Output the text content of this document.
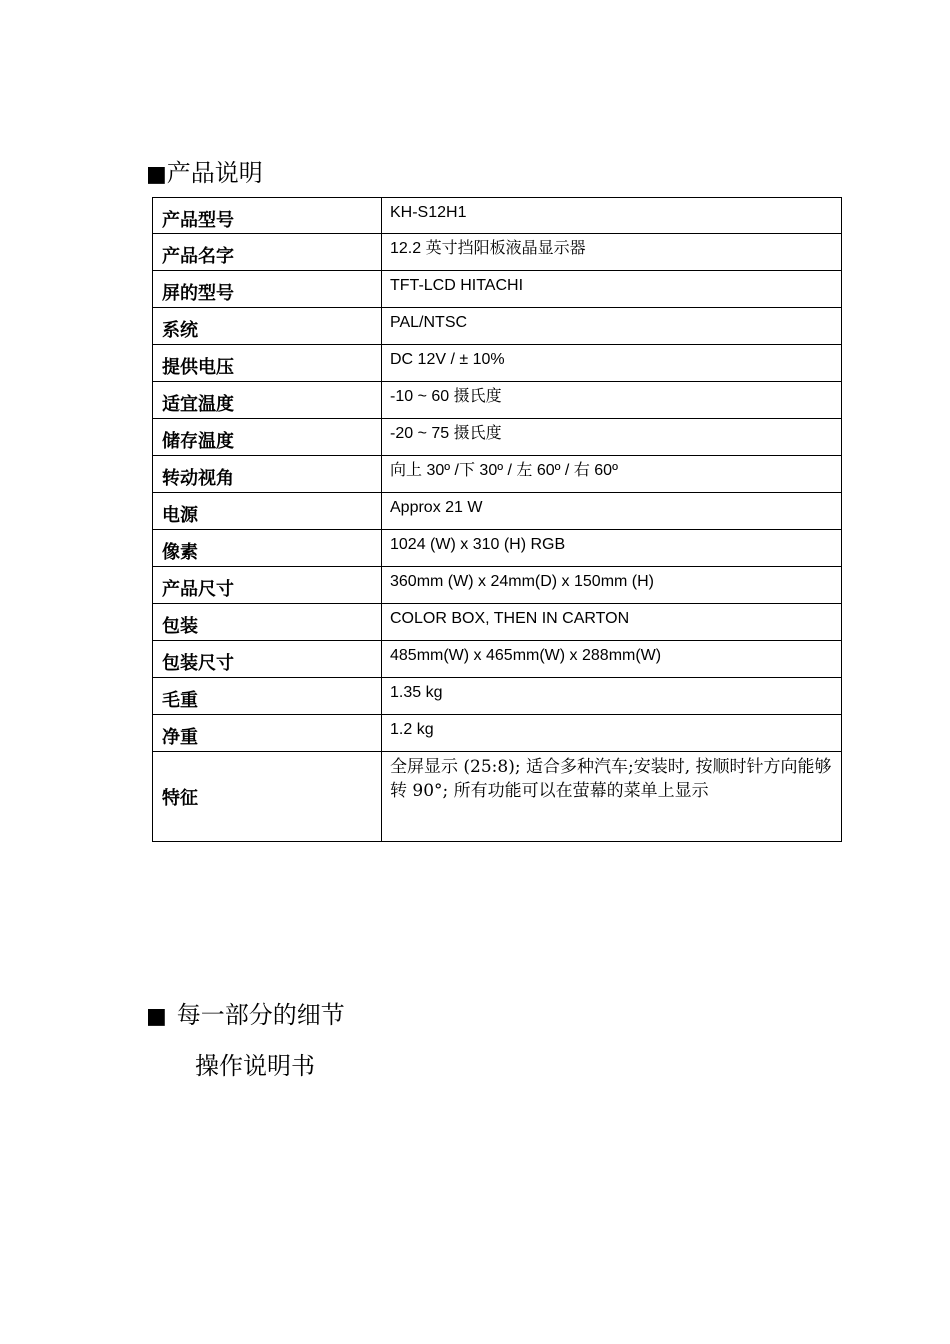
■产品说明
产品型号	KH-S12H1
产品名字	12.2 英寸挡阳板液晶显示器
屏的型号	TFT-LCD HITACHI
系统	PAL/NTSC
提供电压	DC 12V / ± 10%
适宜温度	-10 ~ 60 摄氏度
储存温度	-20 ~ 75 摄氏度
转动视角	向上 30º /下 30º / 左 60º / 右 60º
电源	Approx 21 W
像素	1024 (W) x 310 (H) RGB
产品尺寸	360mm (W) x 24mm(D) x 150mm (H)
包装	COLOR BOX, THEN IN CARTON
包装尺寸	485mm(W) x 465mm(W) x 288mm(W)
毛重	1.35 kg
净重	1.2 kg
特征	全屏显示 (25:8); 适合多种汽车;安装时, 按顺时针方向能够转 90°; 所有功能可以在萤幕的菜单上显示
■ 每一部分的细节
操作说明书
